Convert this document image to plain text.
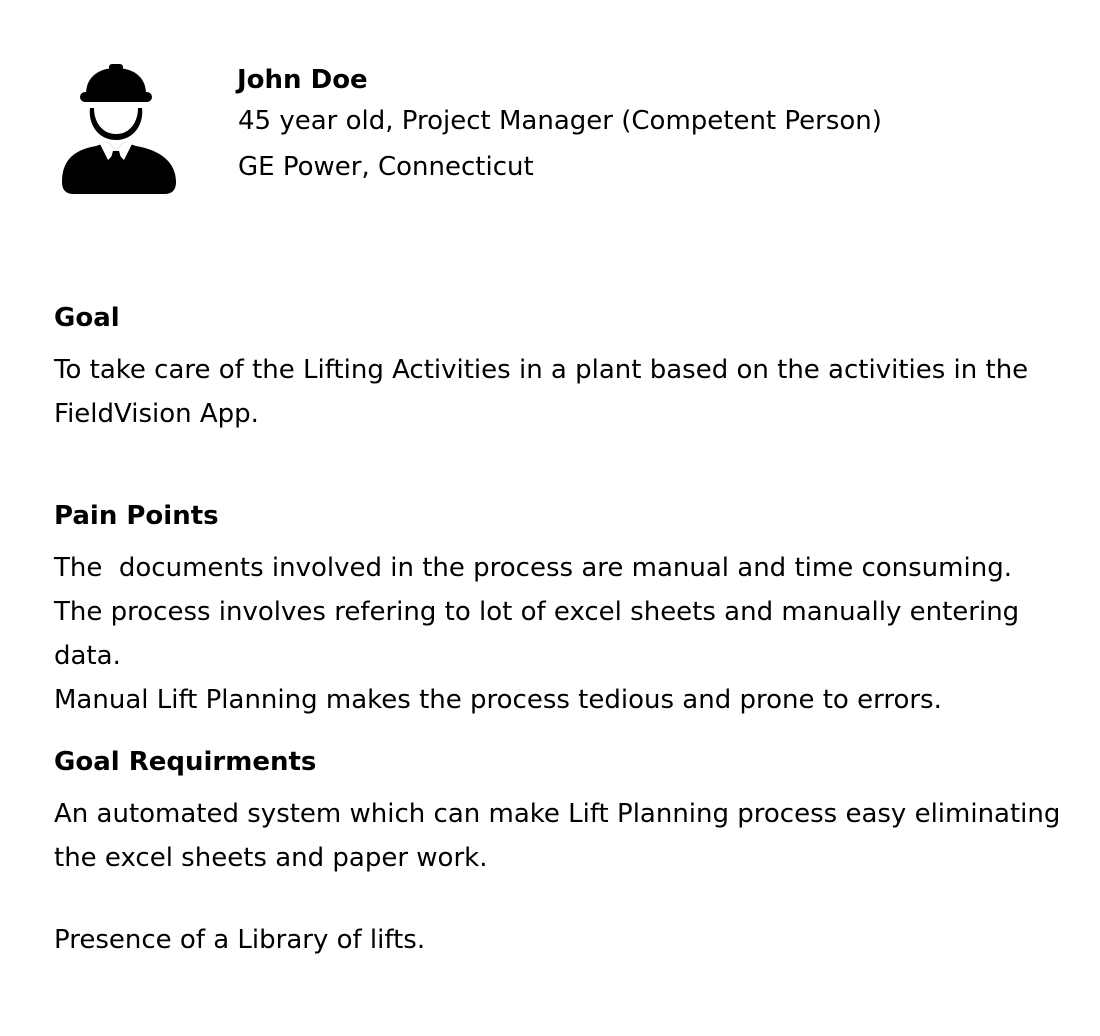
John Doe

45 year old, Project Manager (Competent Person)

GE Power, Connecticut

Goal

To take care of the Lifting Activities in a plant based on the activities in the

FieldVision App.

Pain Points

The  documents involved in the process are manual and time consuming.

The process involves refering to lot of excel sheets and manually entering data.

Manual Lift Planning makes the process tedious and prone to errors.

Goal Requirments

An automated system which can make Lift Planning process easy eliminating

the excel sheets and paper work.

Presence of a Library of lifts.
